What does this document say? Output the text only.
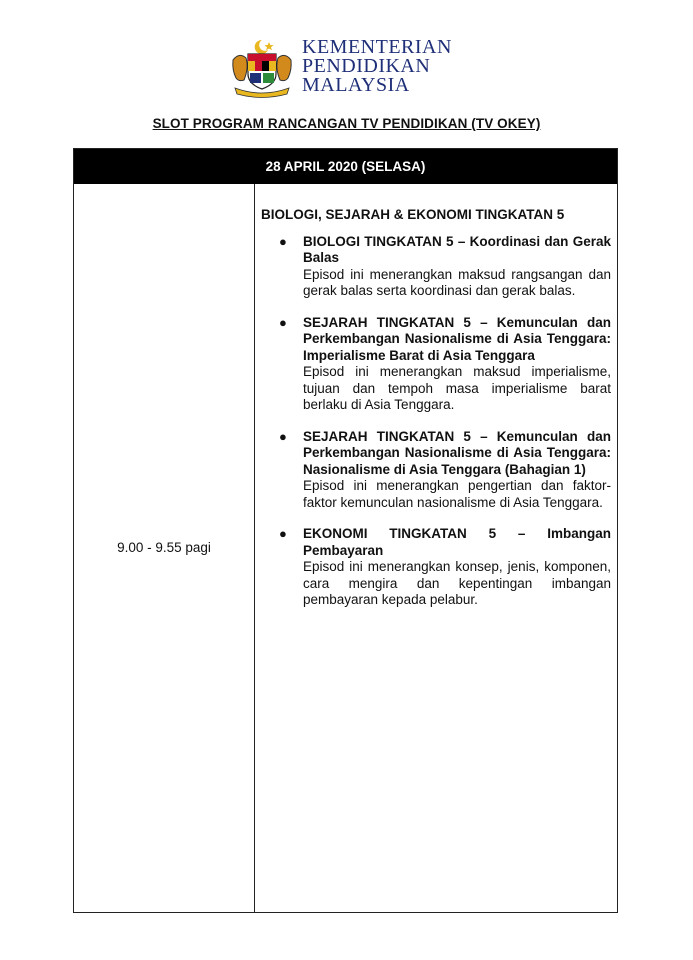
KEMENTERIAN
PENDIDIKAN
MALAYSIA
SLOT PROGRAM RANCANGAN TV PENDIDIKAN (TV OKEY)
28 APRIL 2020 (SELASA)
9.00 - 9.55 pagi
BIOLOGI, SEJARAH & EKONOMI TINGKATAN 5
● BIOLOGI TINGKATAN 5 – Koordinasi dan Gerak Balas
Episod ini menerangkan maksud rangsangan dan gerak balas serta koordinasi dan gerak balas.
● SEJARAH TINGKATAN 5 – Kemunculan dan Perkembangan Nasionalisme di Asia Tenggara: Imperialisme Barat di Asia Tenggara
Episod ini menerangkan maksud imperialisme, tujuan dan tempoh masa imperialisme barat berlaku di Asia Tenggara.
● SEJARAH TINGKATAN 5 – Kemunculan dan Perkembangan Nasionalisme di Asia Tenggara: Nasionalisme di Asia Tenggara (Bahagian 1)
Episod ini menerangkan pengertian dan faktor-faktor kemunculan nasionalisme di Asia Tenggara.
● EKONOMI TINGKATAN 5 – Imbangan Pembayaran
Episod ini menerangkan konsep, jenis, komponen, cara mengira dan kepentingan imbangan pembayaran kepada pelabur.
